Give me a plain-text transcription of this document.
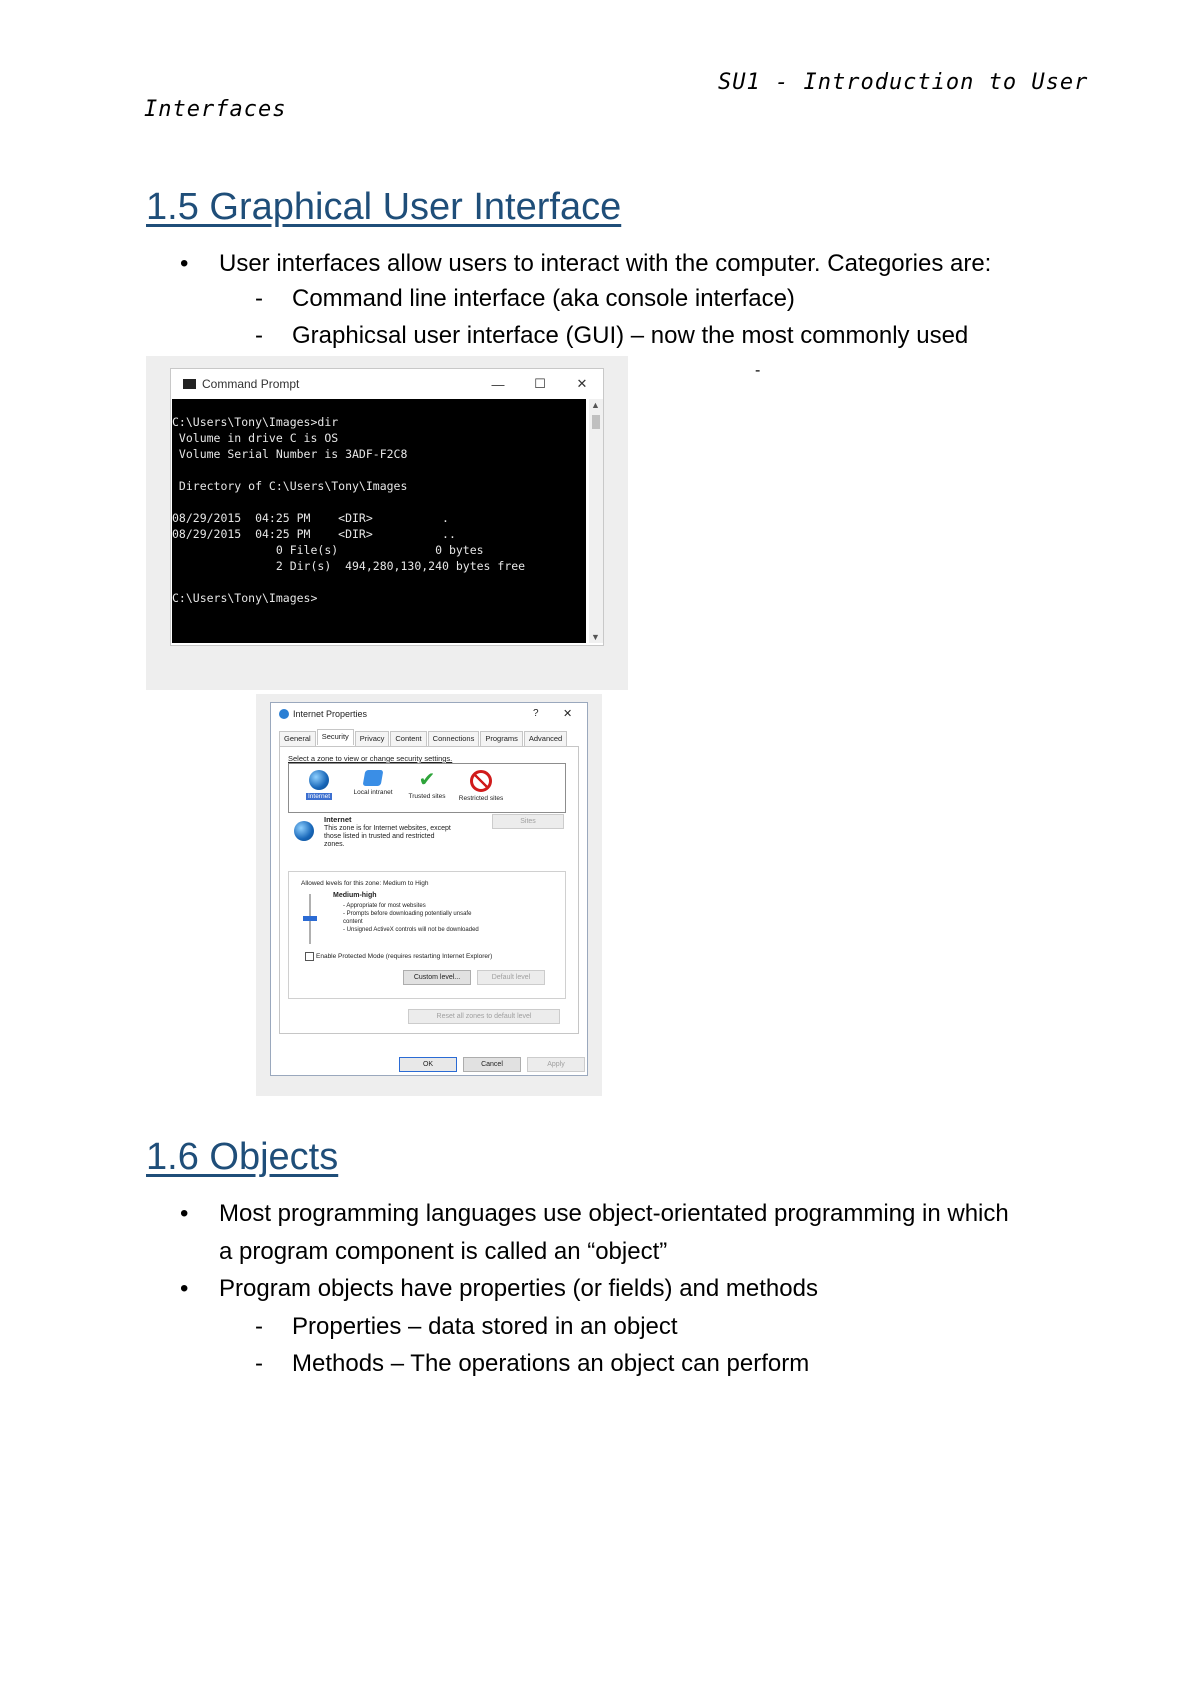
SU1 - Introduction to User
Interfaces
1.5 Graphical User Interface
• User interfaces allow users to interact with the computer. Categories are:
- Command line interface (aka console interface)
- Graphicsal user interface (GUI) – now the most commonly used
Command Prompt	—	☐	✕
C:\Users\Tony\Images>dir
Volume in drive C is OS
Volume Serial Number is 3ADF-F2C8
Directory of C:\Users\Tony\Images
08/29/2015  04:25 PM    <DIR>          .
08/29/2015  04:25 PM    <DIR>          ..
0 File(s)              0 bytes
2 Dir(s)  494,280,130,240 bytes free
C:\Users\Tony\Images>
▲
▼
-
Internet Properties	? ✕
General	Security	Privacy	Content	Connections	Programs	Advanced
Select a zone to view or change security settings.
Internet
Local intranet
✔
Trusted sites	Restricted sites
Internet
This zone is for Internet websites, except those listed in trusted and restricted zones.
Sites
Allowed levels for this zone: Medium to High
Medium-high
- Appropriate for most websites
- Prompts before downloading potentially unsafe
content
- Unsigned ActiveX controls will not be downloaded
Enable Protected Mode (requires restarting Internet Explorer)
Custom level...	Default level
Reset all zones to default level
OK	Cancel	Apply
1.6 Objects
• Most programming languages use object-orientated programming in which a program component is called an “object”
• Program objects have properties (or fields) and methods
- Properties – data stored in an object
- Methods – The operations an object can perform
